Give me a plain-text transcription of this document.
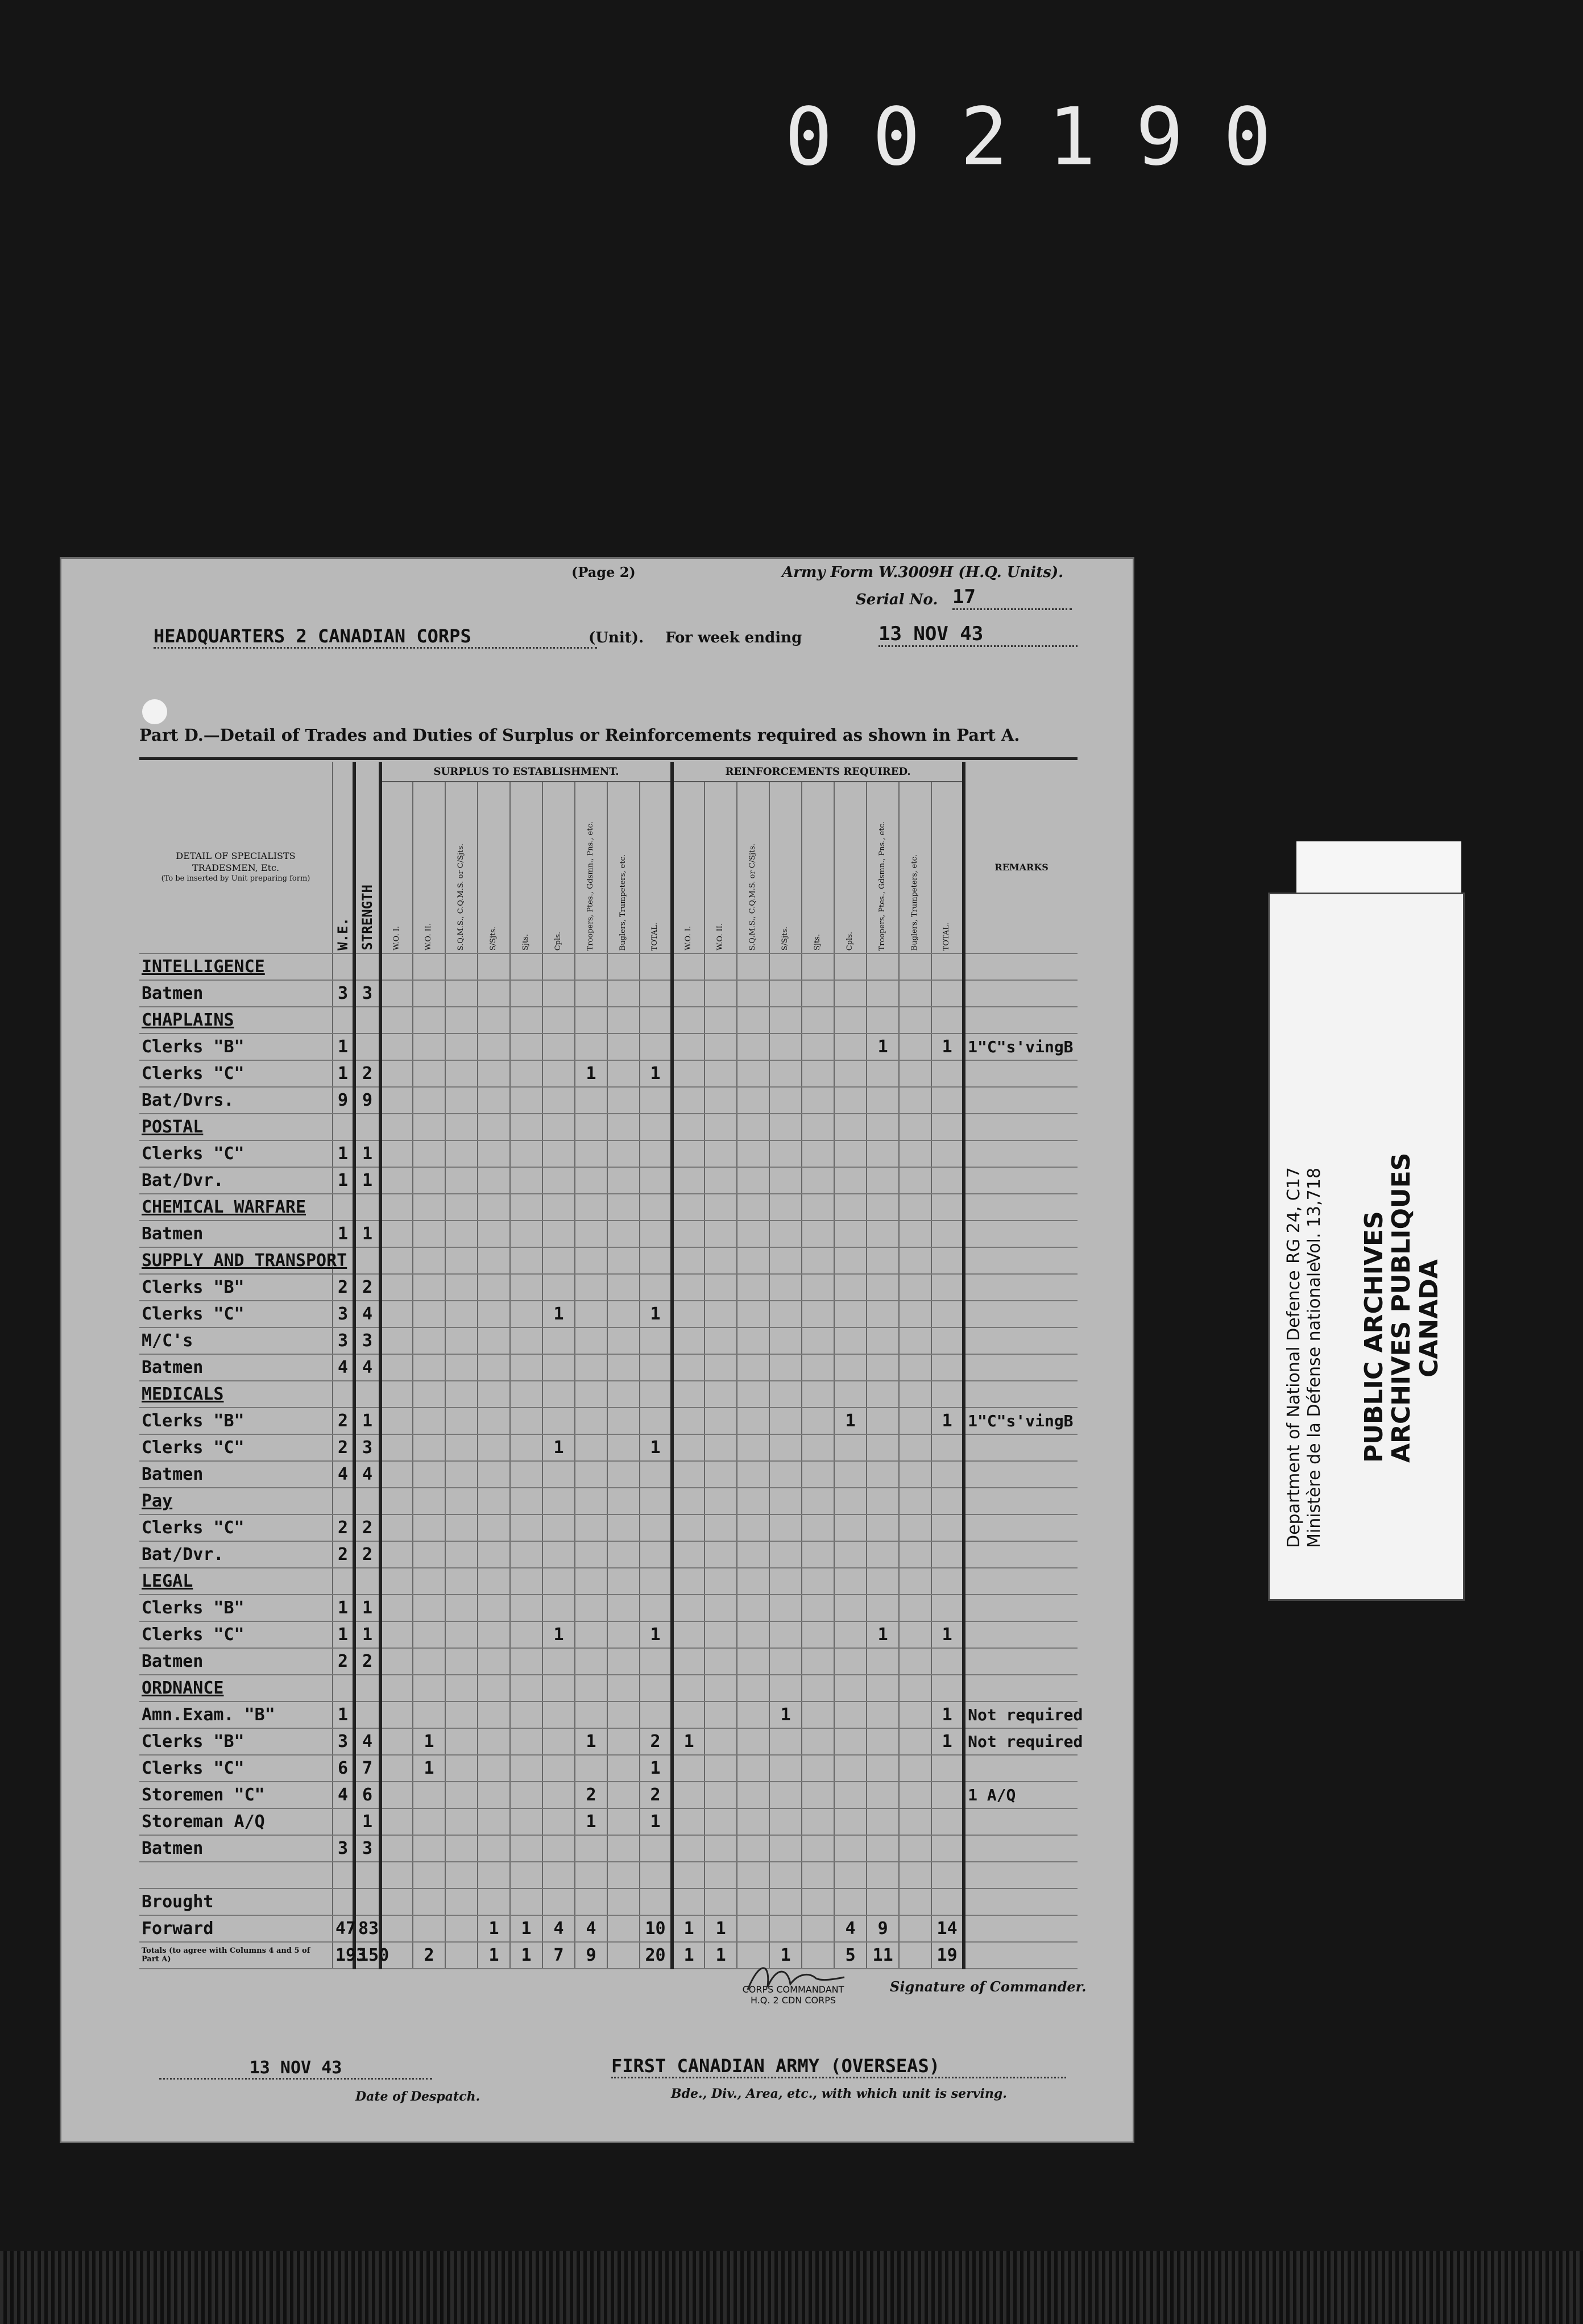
002190
(Page 2)	Army Form W.3009H (H.Q. Units).
Serial No. 17
HEADQUARTERS 2 CANADIAN CORPS	(Unit). For week ending	13 NOV 43
Part D.—Detail of Trades and Duties of Surplus or Reinforcements required as shown in Part A.
			SURPLUS TO ESTABLISHMENT.									REINFORCEMENTS REQUIRED.									

DETAIL OF SPECIALISTS TRADESMEN, Etc.
(To be inserted by Unit preparing form)	W.E.	STRENGTH	W.O. I.	W.O. II.	S.Q.M.S., C.Q.M.S. or C/Sjts.	S/Sjts.	Sjts.	Cpls.	Troopers, Ptes., Gdsmn., Pns., etc.	Buglers, Trumpeters, etc.	TOTAL.	W.O. I.	W.O. II.	S.Q.M.S., C.Q.M.S. or C/Sjts.	S/Sjts.	Sjts.	Cpls.	Troopers, Ptes., Gdsmn., Pns., etc.	Buglers, Trumpeters, etc.	TOTAL.	REMARKS
INTELLIGENCE																					
Batmen	3	3																			
CHAPLAINS																					
Clerks "B"	1																	1		1	1"C"s'vingB
Clerks "C"	1	2							1		1										
Bat/Dvrs.	9	9																			
POSTAL																					
Clerks "C"	1	1																			
Bat/Dvr.	1	1																			
CHEMICAL WARFARE																					
Batmen	1	1																			
SUPPLY AND TRANSPORT																					
Clerks "B"	2	2																			
Clerks "C"	3	4						1			1										
M/C's	3	3																			
Batmen	4	4																			
MEDICALS																					
Clerks "B"	2	1															1			1	1"C"s'vingB
Clerks "C"	2	3						1			1										
Batmen	4	4																			
Pay																					
Clerks "C"	2	2																			
Bat/Dvr.	2	2																			
LEGAL																					
Clerks "B"	1	1																			
Clerks "C"	1	1						1			1							1		1	
Batmen	2	2																			
ORDNANCE																					
Amn.Exam. "B"	1														1					1	Not required
Clerks "B"	3	4		1					1		2	1								1	Not required
Clerks "C"	6	7		1							1										
Storemen "C"	4	6							2		2										1 A/Q
Storeman A/Q		1							1		1										
Batmen	3	3																			

Brought																					
Forward	47	83				1	1	4	4		10	1	1				4	9		14	
Totals (to agree with Columns 4 and 5 of Part A)	193	150		2		1	1	7	9		20	1	1		1		5	11		19	
CORPS COMMANDANT
H.Q. 2 CDN CORPS
Signature of Commander.
13 NOV 43
Date of Despatch.
FIRST CANADIAN ARMY (OVERSEAS)
Bde., Div., Area, etc., with which unit is serving.
PUBLIC ARCHIVES
ARCHIVES PUBLIQUES
CANADA
Department of National Defence Ministère de la Défense nationale
RG 24, C17 Vol. 13,718
